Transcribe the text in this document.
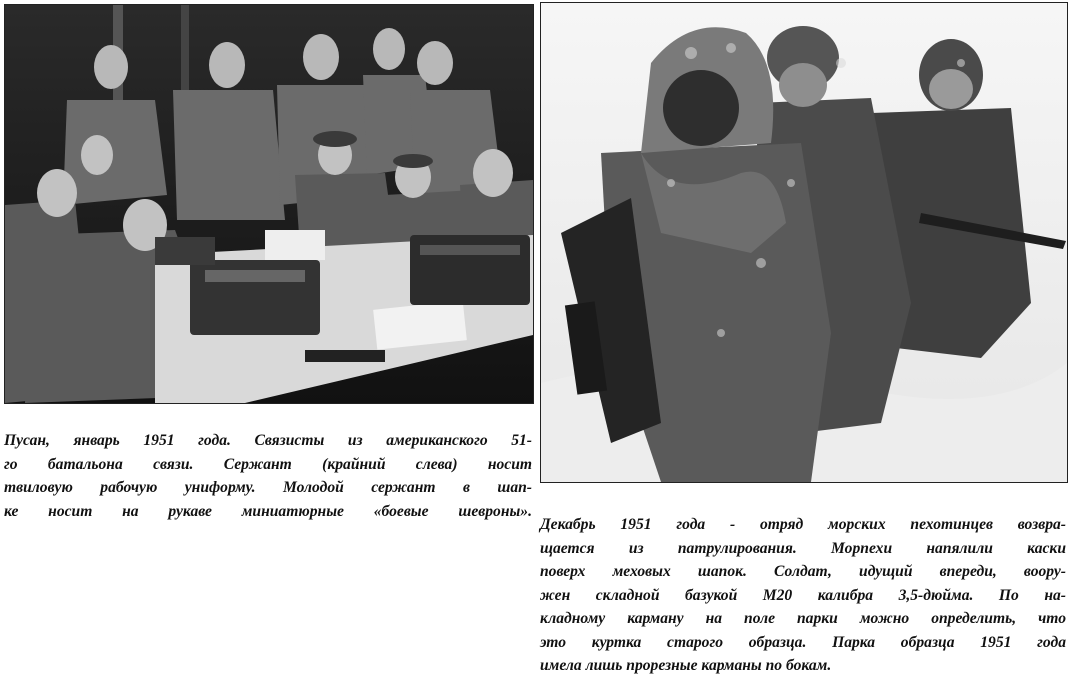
Пусан, январь 1951 года. Связисты из американского 51-
го батальона связи. Сержант (крайний слева) носит
твиловую рабочую униформу. Молодой сержант в шап-
ке носит на рукаве миниатюрные «боевые шевроны».
Декабрь 1951 года - отряд морских пехотинцев возвра-
щается из патрулирования. Морпехи напялили каски
поверх меховых шапок. Солдат, идущий впереди, воору-
жен складной базукой М20 калибра 3,5-дюйма. По на-
кладному карману на поле парки можно определить, что
это куртка старого образца. Парка образца 1951 года
имела лишь прорезные карманы по бокам.
